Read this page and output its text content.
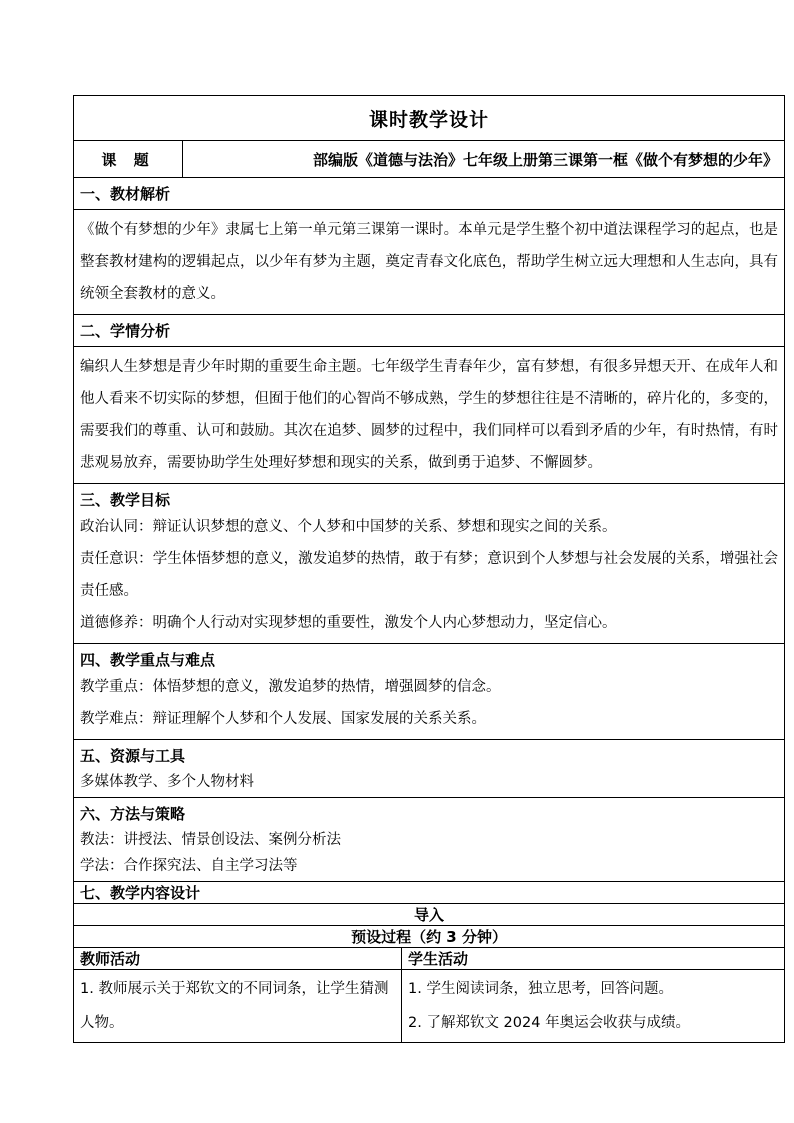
课时教学设计		
课 题	部编版《道德与法治》七年级上册第三课第一框《做个有梦想的少年》	

一、教材解析		

《做个有梦想的少年》隶属七上第一单元第三课第一课时。本单元是学生整个初中道法课程学习的起点，也是整套教材建构的逻辑起点，以少年有梦为主题，奠定青春文化底色，帮助学生树立远大理想和人生志向，具有统领全套教材的意义。		

二、学情分析		

编织人生梦想是青少年时期的重要生命主题。七年级学生青春年少，富有梦想，有很多异想天开、在成年人和他人看来不切实际的梦想，但囿于他们的心智尚不够成熟，学生的梦想往往是不清晰的，碎片化的，多变的，需要我们的尊重、认可和鼓励。其次在追梦、圆梦的过程中，我们同样可以看到矛盾的少年，有时热情，有时悲观易放弃，需要协助学生处理好梦想和现实的关系，做到勇于追梦、不懈圆梦。		

三、教学目标
政治认同：辩证认识梦想的意义、个人梦和中国梦的关系、梦想和现实之间的关系。
责任意识：学生体悟梦想的意义，激发追梦的热情，敢于有梦；意识到个人梦想与社会发展的关系，增强社会责任感。
道德修养：明确个人行动对实现梦想的重要性，激发个人内心梦想动力，坚定信心。		

四、教学重点与难点
教学重点：体悟梦想的意义，激发追梦的热情，增强圆梦的信念。
教学难点：辩证理解个人梦和个人发展、国家发展的关系关系。		

五、资源与工具
多媒体教学、多个人物材料		

六、方法与策略
教法：讲授法、情景创设法、案例分析法
学法：合作探究法、自主学习法等		

七、教学内容设计		
导入		
预设过程（约 3 分钟）		
教师活动		学生活动

1. 教师展示关于郑钦文的不同词条，让学生猜测人物。		1. 学生阅读词条，独立思考，回答问题。
2. 了解郑钦文 2024 年奥运会收获与成绩。
